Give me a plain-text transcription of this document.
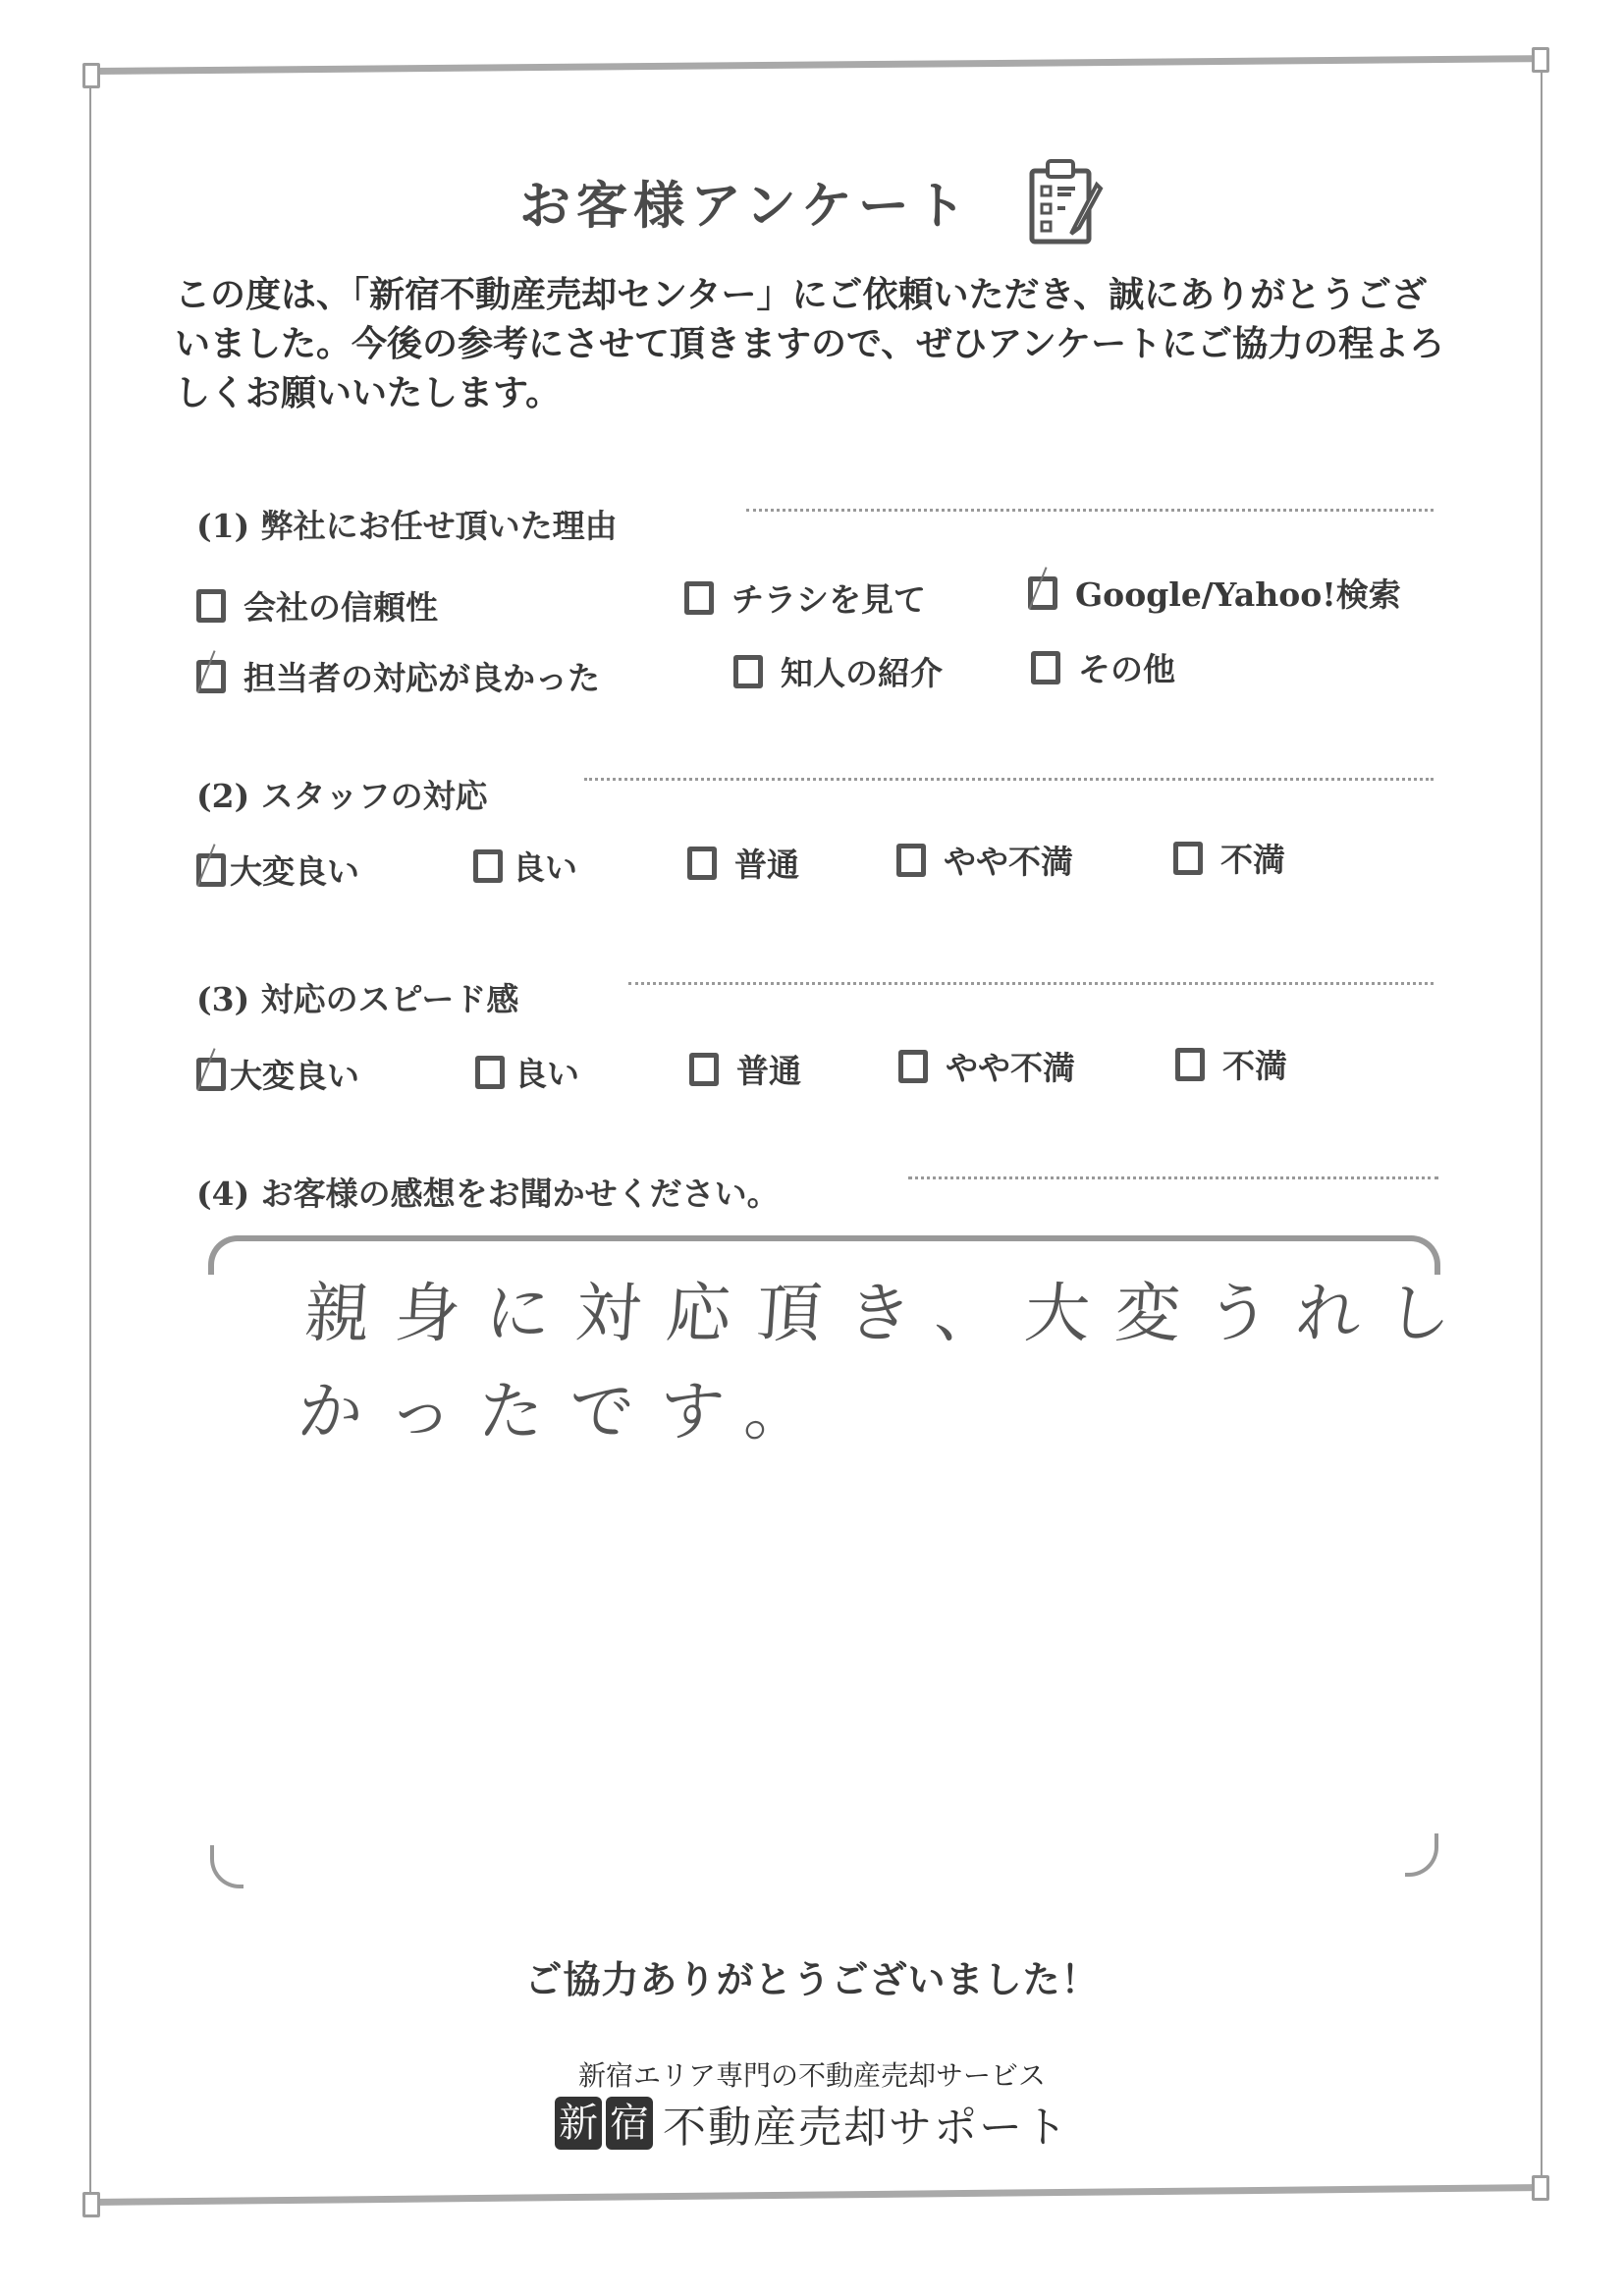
お客様アンケート
この度は、「新宿不動産売却センター」にご依頼いただき、誠にありがとうございました。今後の参考にさせて頂きますので、ぜひアンケートにご協力の程よろしくお願いいたします。
(1) 弊社にお任せ頂いた理由
会社の信頼性	チラシを見て	Google/Yahoo!検索
担当者の対応が良かった	知人の紹介	その他
(2) スタッフの対応
大変良い	良い	普通	やや不満	不満
(3) 対応のスピード感
大変良い	良い	普通	やや不満	不満
(4) お客様の感想をお聞かせください。
親身に対応頂き、大変うれしかったです。
ご協力ありがとうございました！
新宿エリア専門の不動産売却サービス
新 宿 不動産売却サポート
